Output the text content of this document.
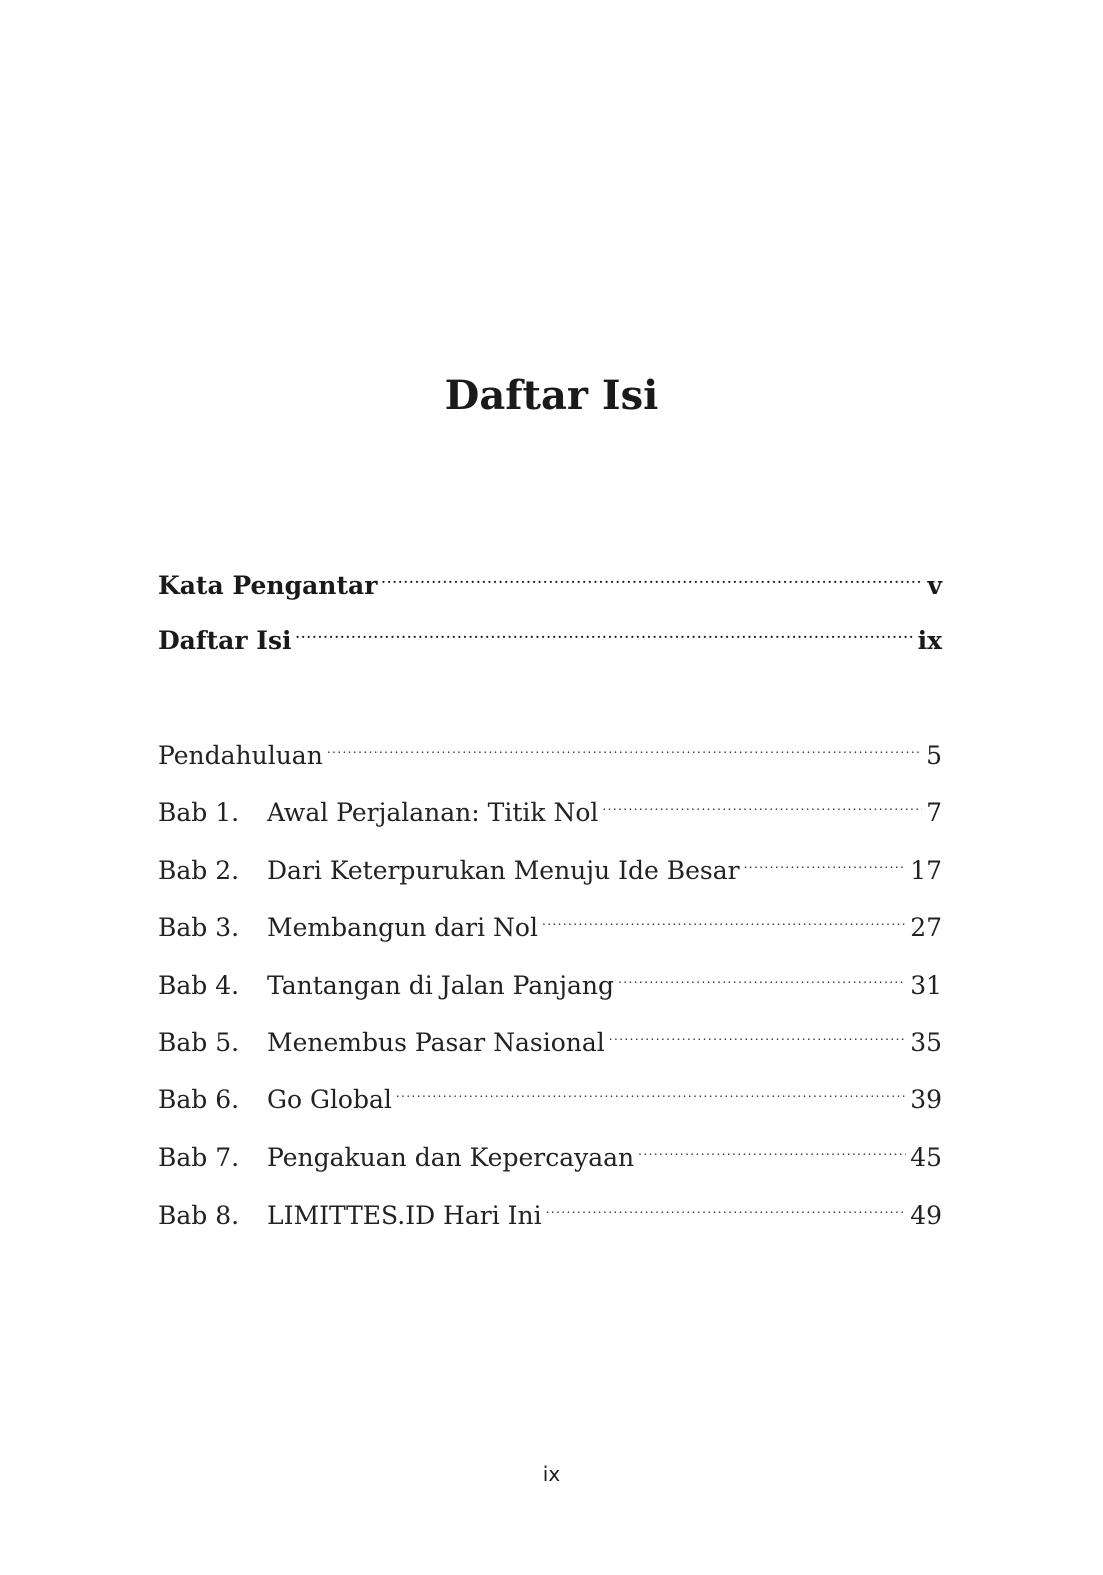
Daftar Isi
Kata Pengantar .....	v
Daftar Isi .....	ix
Pendahuluan .....	5
Bab 1.	Awal Perjalanan: Titik Nol .....	7
Bab 2.	Dari Keterpurukan Menuju Ide Besar .....	17
Bab 3.	Membangun dari Nol .....	27
Bab 4.	Tantangan di Jalan Panjang .....	31
Bab 5.	Menembus Pasar Nasional .....	35
Bab 6.	Go Global .....	39
Bab 7.	Pengakuan dan Kepercayaan .....	45
Bab 8.	LIMITTES.ID Hari Ini .....	49
ix
